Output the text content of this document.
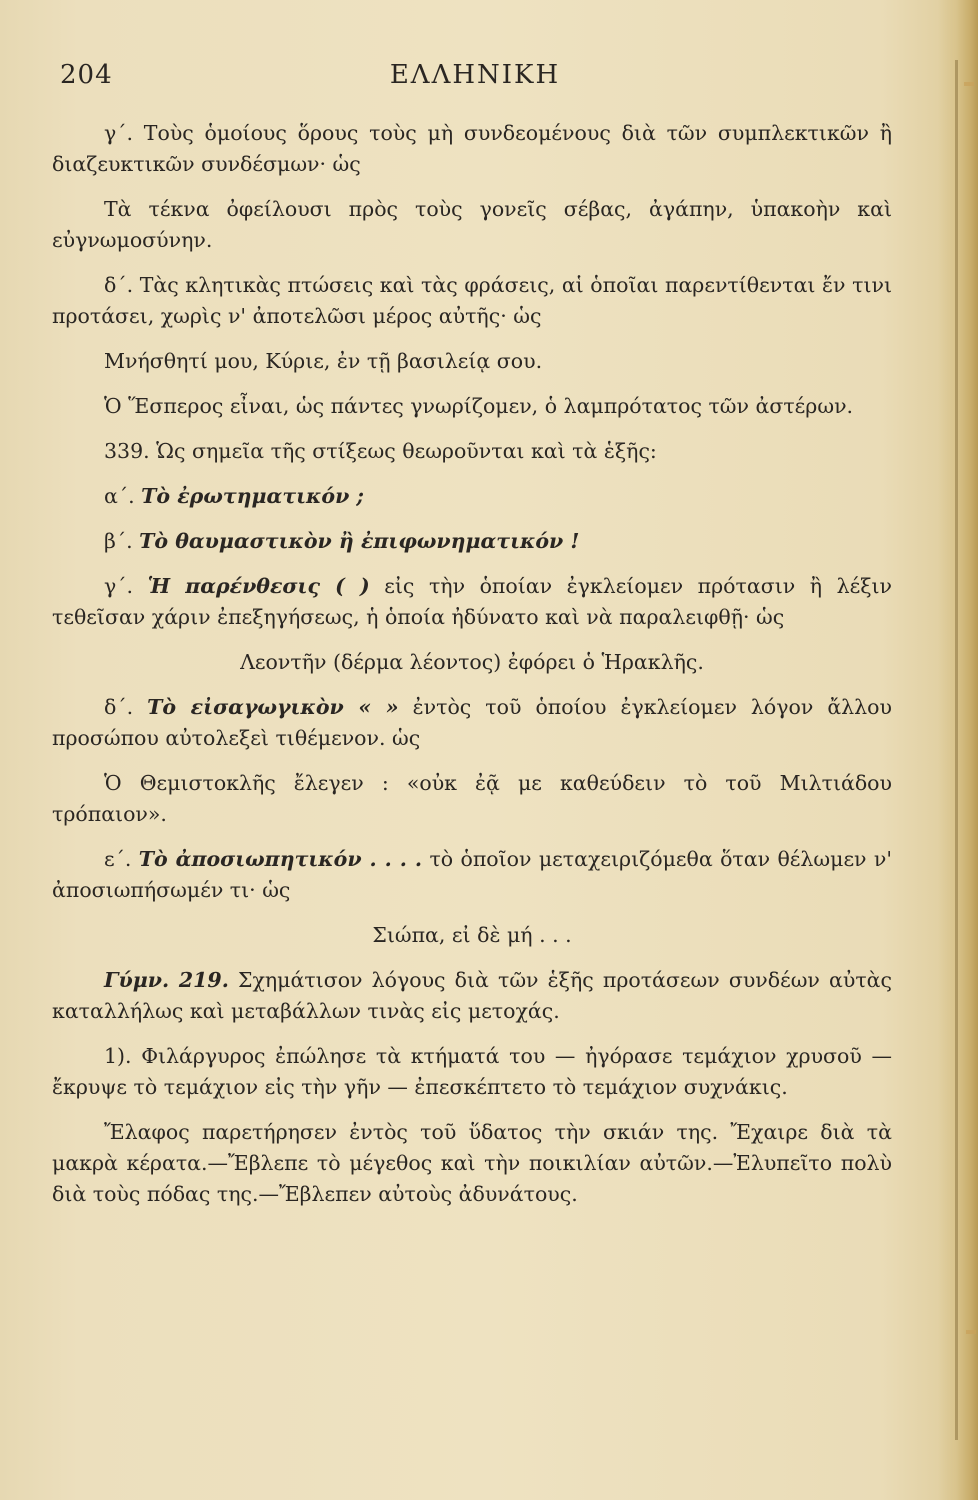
204	ΕΛΛΗΝΙΚΗ

γ΄. Τοὺς ὁμοίους ὅρους τοὺς μὴ συνδεομένους διὰ τῶν συμπλεκτικῶν ἢ διαζευκτικῶν συνδέσμων· ὡς

Τὰ τέκνα ὀφείλουσι πρὸς τοὺς γονεῖς σέβας, ἀγάπην, ὑπακοὴν καὶ εὐγνωμοσύνην.

δ΄. Τὰς κλητικὰς πτώσεις καὶ τὰς φράσεις, αἱ ὁποῖαι παρεντίθενται ἔν τινι προτάσει, χωρὶς ν' ἀποτελῶσι μέρος αὐτῆς· ὡς

Μνήσθητί μου, Κύριε, ἐν τῇ βασιλείᾳ σου.

Ὁ Ἕσπερος εἶναι, ὡς πάντες γνωρίζομεν, ὁ λαμπρότατος τῶν ἀστέρων.

339. Ὡς σημεῖα τῆς στίξεως θεωροῦνται καὶ τὰ ἑξῆς:

α΄. Τὸ ἐρωτηματικόν ;

β΄. Τὸ θαυμαστικὸν ἢ ἐπιφωνηματικόν !

γ΄. Ἡ παρένθεσις ( ) εἰς τὴν ὁποίαν ἐγκλείομεν πρότασιν ἢ λέξιν τεθεῖσαν χάριν ἐπεξηγήσεως, ἡ ὁποία ἠδύνατο καὶ νὰ παραλειφθῇ· ὡς

Λεοντῆν (δέρμα λέοντος) ἐφόρει ὁ Ἡρακλῆς.

δ΄. Τὸ εἰσαγωγικὸν « » ἐντὸς τοῦ ὁποίου ἐγκλείομεν λόγον ἄλλου προσώπου αὐτολεξεὶ τιθέμενον. ὡς

Ὁ Θεμιστοκλῆς ἔλεγεν : «οὐκ ἐᾷ με καθεύδειν τὸ τοῦ Μιλτιάδου τρόπαιον».

ε΄. Τὸ ἀποσιωπητικόν . . . . τὸ ὁποῖον μεταχειριζόμεθα ὅταν θέλωμεν ν' ἀποσιωπήσωμέν τι· ὡς

Σιώπα, εἰ δὲ μή . . .

Γύμν. 219. Σχημάτισον λόγους διὰ τῶν ἑξῆς προτάσεων συνδέων αὐτὰς καταλλήλως καὶ μεταβάλλων τινὰς εἰς μετοχάς.

1). Φιλάργυρος ἐπώλησε τὰ κτήματά του — ἠγόρασε τεμάχιον χρυσοῦ — ἔκρυψε τὸ τεμάχιον εἰς τὴν γῆν — ἐπεσκέπτετο τὸ τεμάχιον συχνάκις.

Ἔλαφος παρετήρησεν ἐντὸς τοῦ ὕδατος τὴν σκιάν της. Ἔχαιρε διὰ τὰ μακρὰ κέρατα.—Ἔβλεπε τὸ μέγεθος καὶ τὴν ποικιλίαν αὐτῶν.—Ἐλυπεῖτο πολὺ διὰ τοὺς πόδας της.—Ἔβλεπεν αὐτοὺς ἀδυνάτους.
